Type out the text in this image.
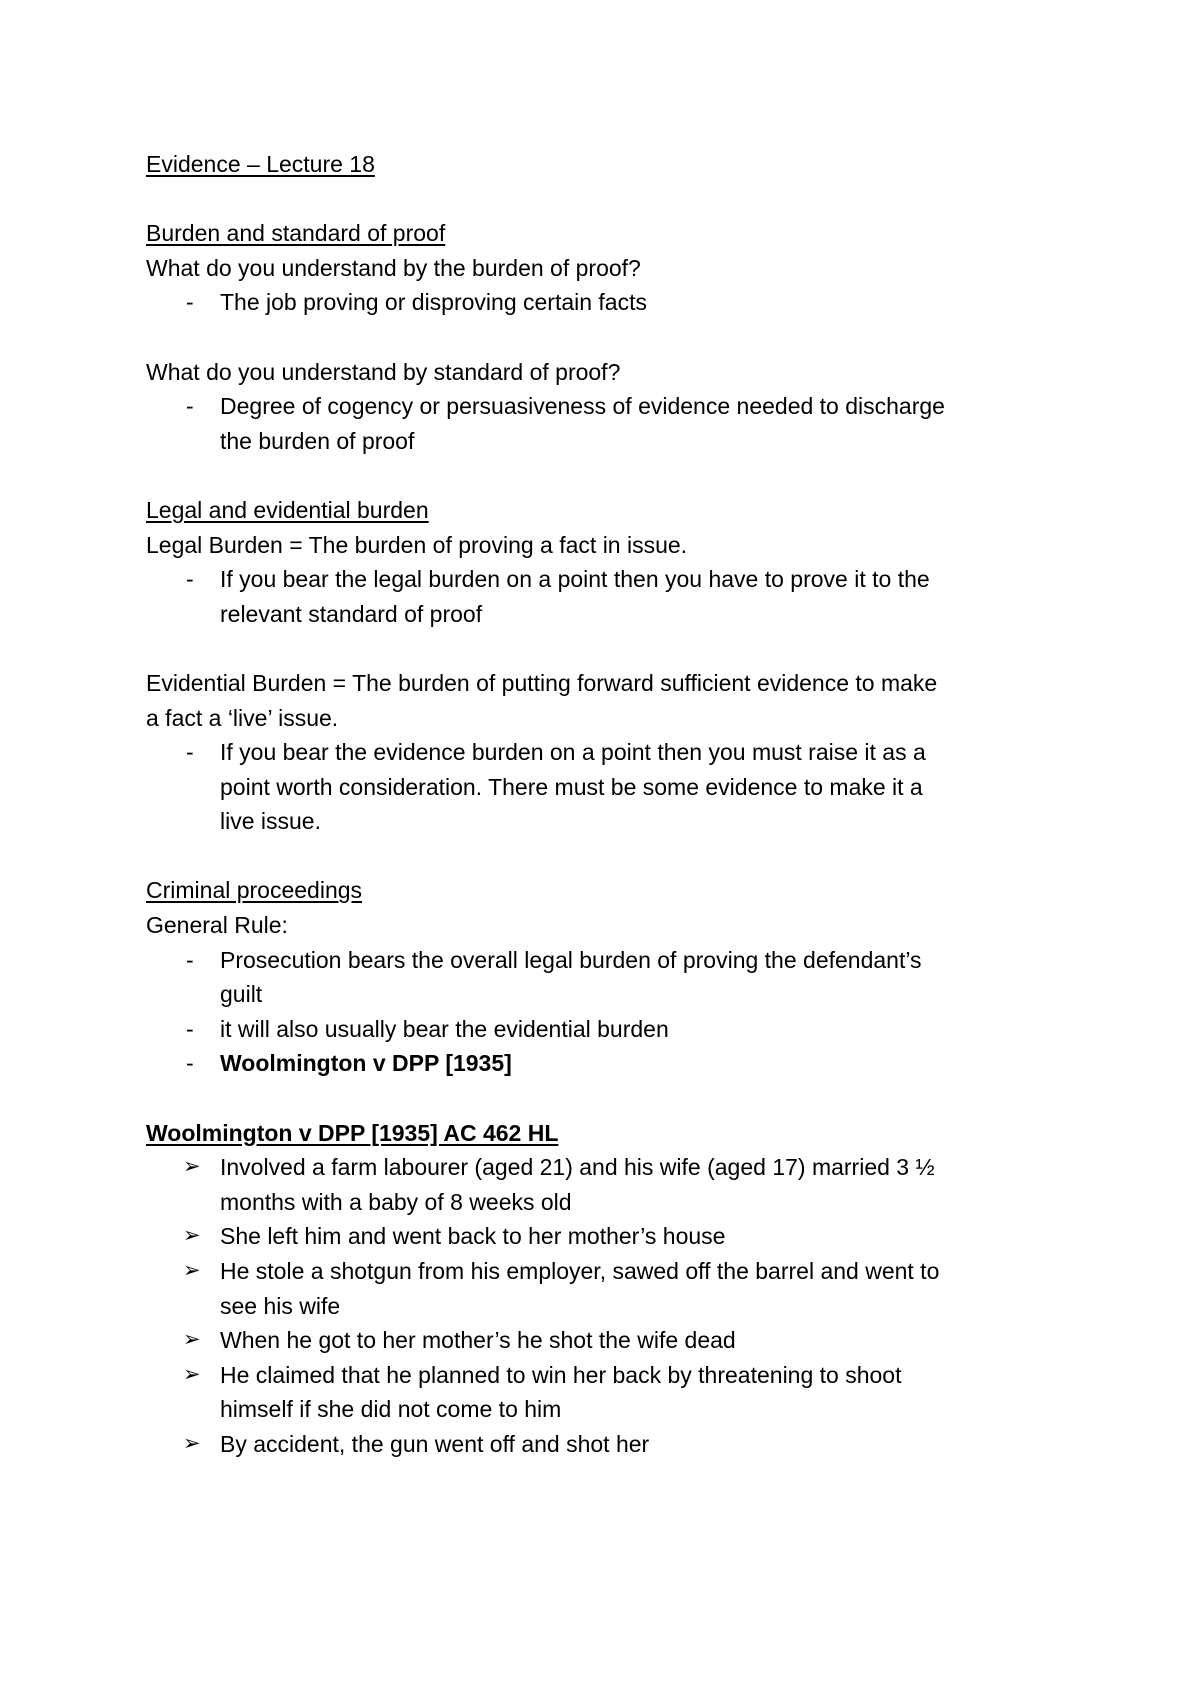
Evidence – Lecture 18
Burden and standard of proof
What do you understand by the burden of proof?
- The job proving or disproving certain facts
What do you understand by standard of proof?
- Degree of cogency or persuasiveness of evidence needed to discharge
the burden of proof
Legal and evidential burden
Legal Burden = The burden of proving a fact in issue.
- If you bear the legal burden on a point then you have to prove it to the
relevant standard of proof
Evidential Burden = The burden of putting forward sufficient evidence to make
a fact a ‘live’ issue.
- If you bear the evidence burden on a point then you must raise it as a
point worth consideration. There must be some evidence to make it a
live issue.
Criminal proceedings
General Rule:
- Prosecution bears the overall legal burden of proving the defendant’s
guilt
- it will also usually bear the evidential burden
- Woolmington v DPP [1935]
Woolmington v DPP [1935] AC 462 HL
➢ Involved a farm labourer (aged 21) and his wife (aged 17) married 3 ½
months with a baby of 8 weeks old
➢ She left him and went back to her mother’s house
➢ He stole a shotgun from his employer, sawed off the barrel and went to
see his wife
➢ When he got to her mother’s he shot the wife dead
➢ He claimed that he planned to win her back by threatening to shoot
himself if she did not come to him
➢ By accident, the gun went off and shot her
